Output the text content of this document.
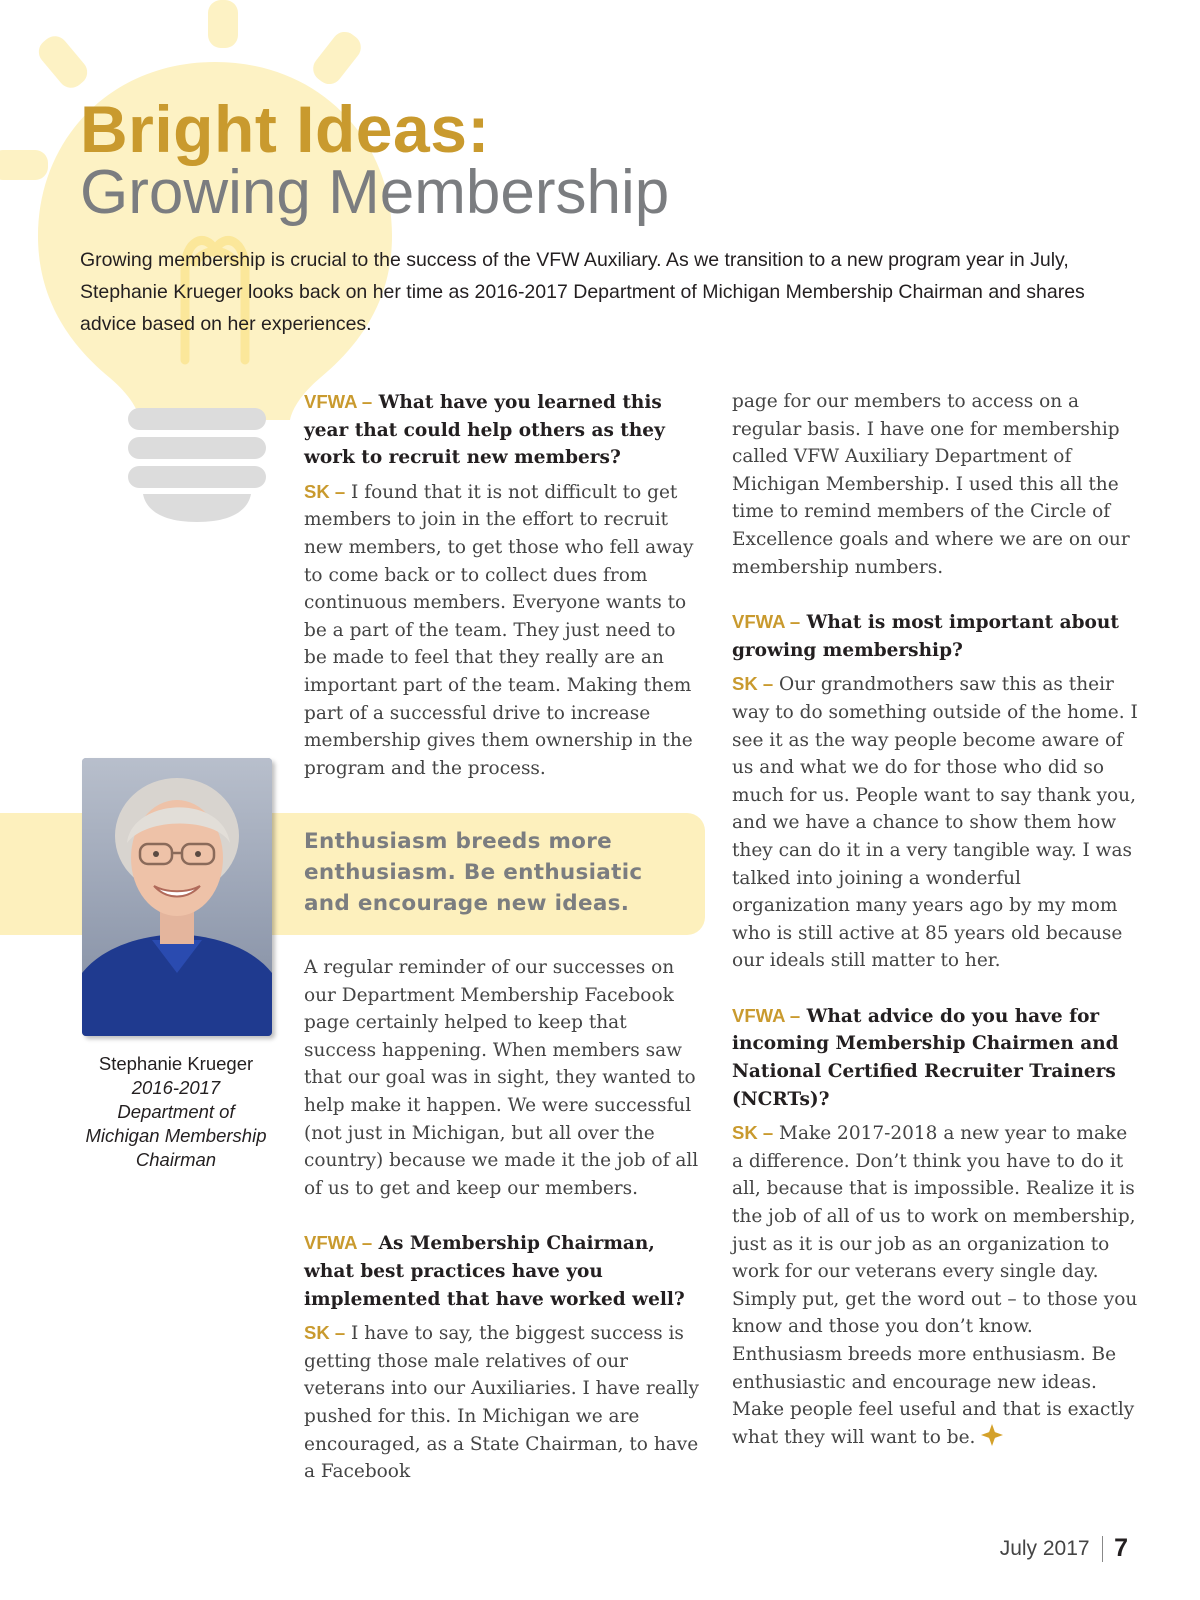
Bright Ideas:
Growing Membership

Growing membership is crucial to the success of the VFW Auxiliary. As we transition to a new program year in July, Stephanie Krueger looks back on her time as 2016-2017 Department of Michigan Membership Chairman and shares advice based on her experiences.

VFWA – What have you learned this year that could help others as they work to recruit new members?

SK – I found that it is not difficult to get members to join in the effort to recruit new members, to get those who fell away to come back or to collect dues from continuous members. Everyone wants to be a part of the team. They just need to be made to feel that they really are an important part of the team. Making them part of a successful drive to increase membership gives them ownership in the program and the process.

Enthusiasm breeds more enthusiasm. Be enthusiatic and encourage new ideas.

Stephanie Krueger
2016-2017
Department of
Michigan Membership
Chairman

A regular reminder of our successes on our Department Membership Facebook page certainly helped to keep that success happening. When members saw that our goal was in sight, they wanted to help make it happen. We were successful (not just in Michigan, but all over the country) because we made it the job of all of us to get and keep our members.

VFWA – As Membership Chairman, what best practices have you implemented that have worked well?

SK – I have to say, the biggest success is getting those male relatives of our veterans into our Auxiliaries. I have really pushed for this. In Michigan we are encouraged, as a State Chairman, to have a Facebook

page for our members to access on a regular basis. I have one for membership called VFW Auxiliary Department of Michigan Membership. I used this all the time to remind members of the Circle of Excellence goals and where we are on our membership numbers.

VFWA – What is most important about growing membership?

SK – Our grandmothers saw this as their way to do something outside of the home. I see it as the way people become aware of us and what we do for those who did so much for us. People want to say thank you, and we have a chance to show them how they can do it in a very tangible way. I was talked into joining a wonderful organization many years ago by my mom who is still active at 85 years old because our ideals still matter to her.

VFWA – What advice do you have for incoming Membership Chairmen and National Certified Recruiter Trainers (NCRTs)?

SK – Make 2017-2018 a new year to make a difference. Don’t think you have to do it all, because that is impossible. Realize it is the job of all of us to work on membership, just as it is our job as an organization to work for our veterans every single day. Simply put, get the word out – to those you know and those you don’t know. Enthusiasm breeds more enthusiasm. Be enthusiastic and encourage new ideas. Make people feel useful and that is exactly what they will want to be.

July 2017 7
